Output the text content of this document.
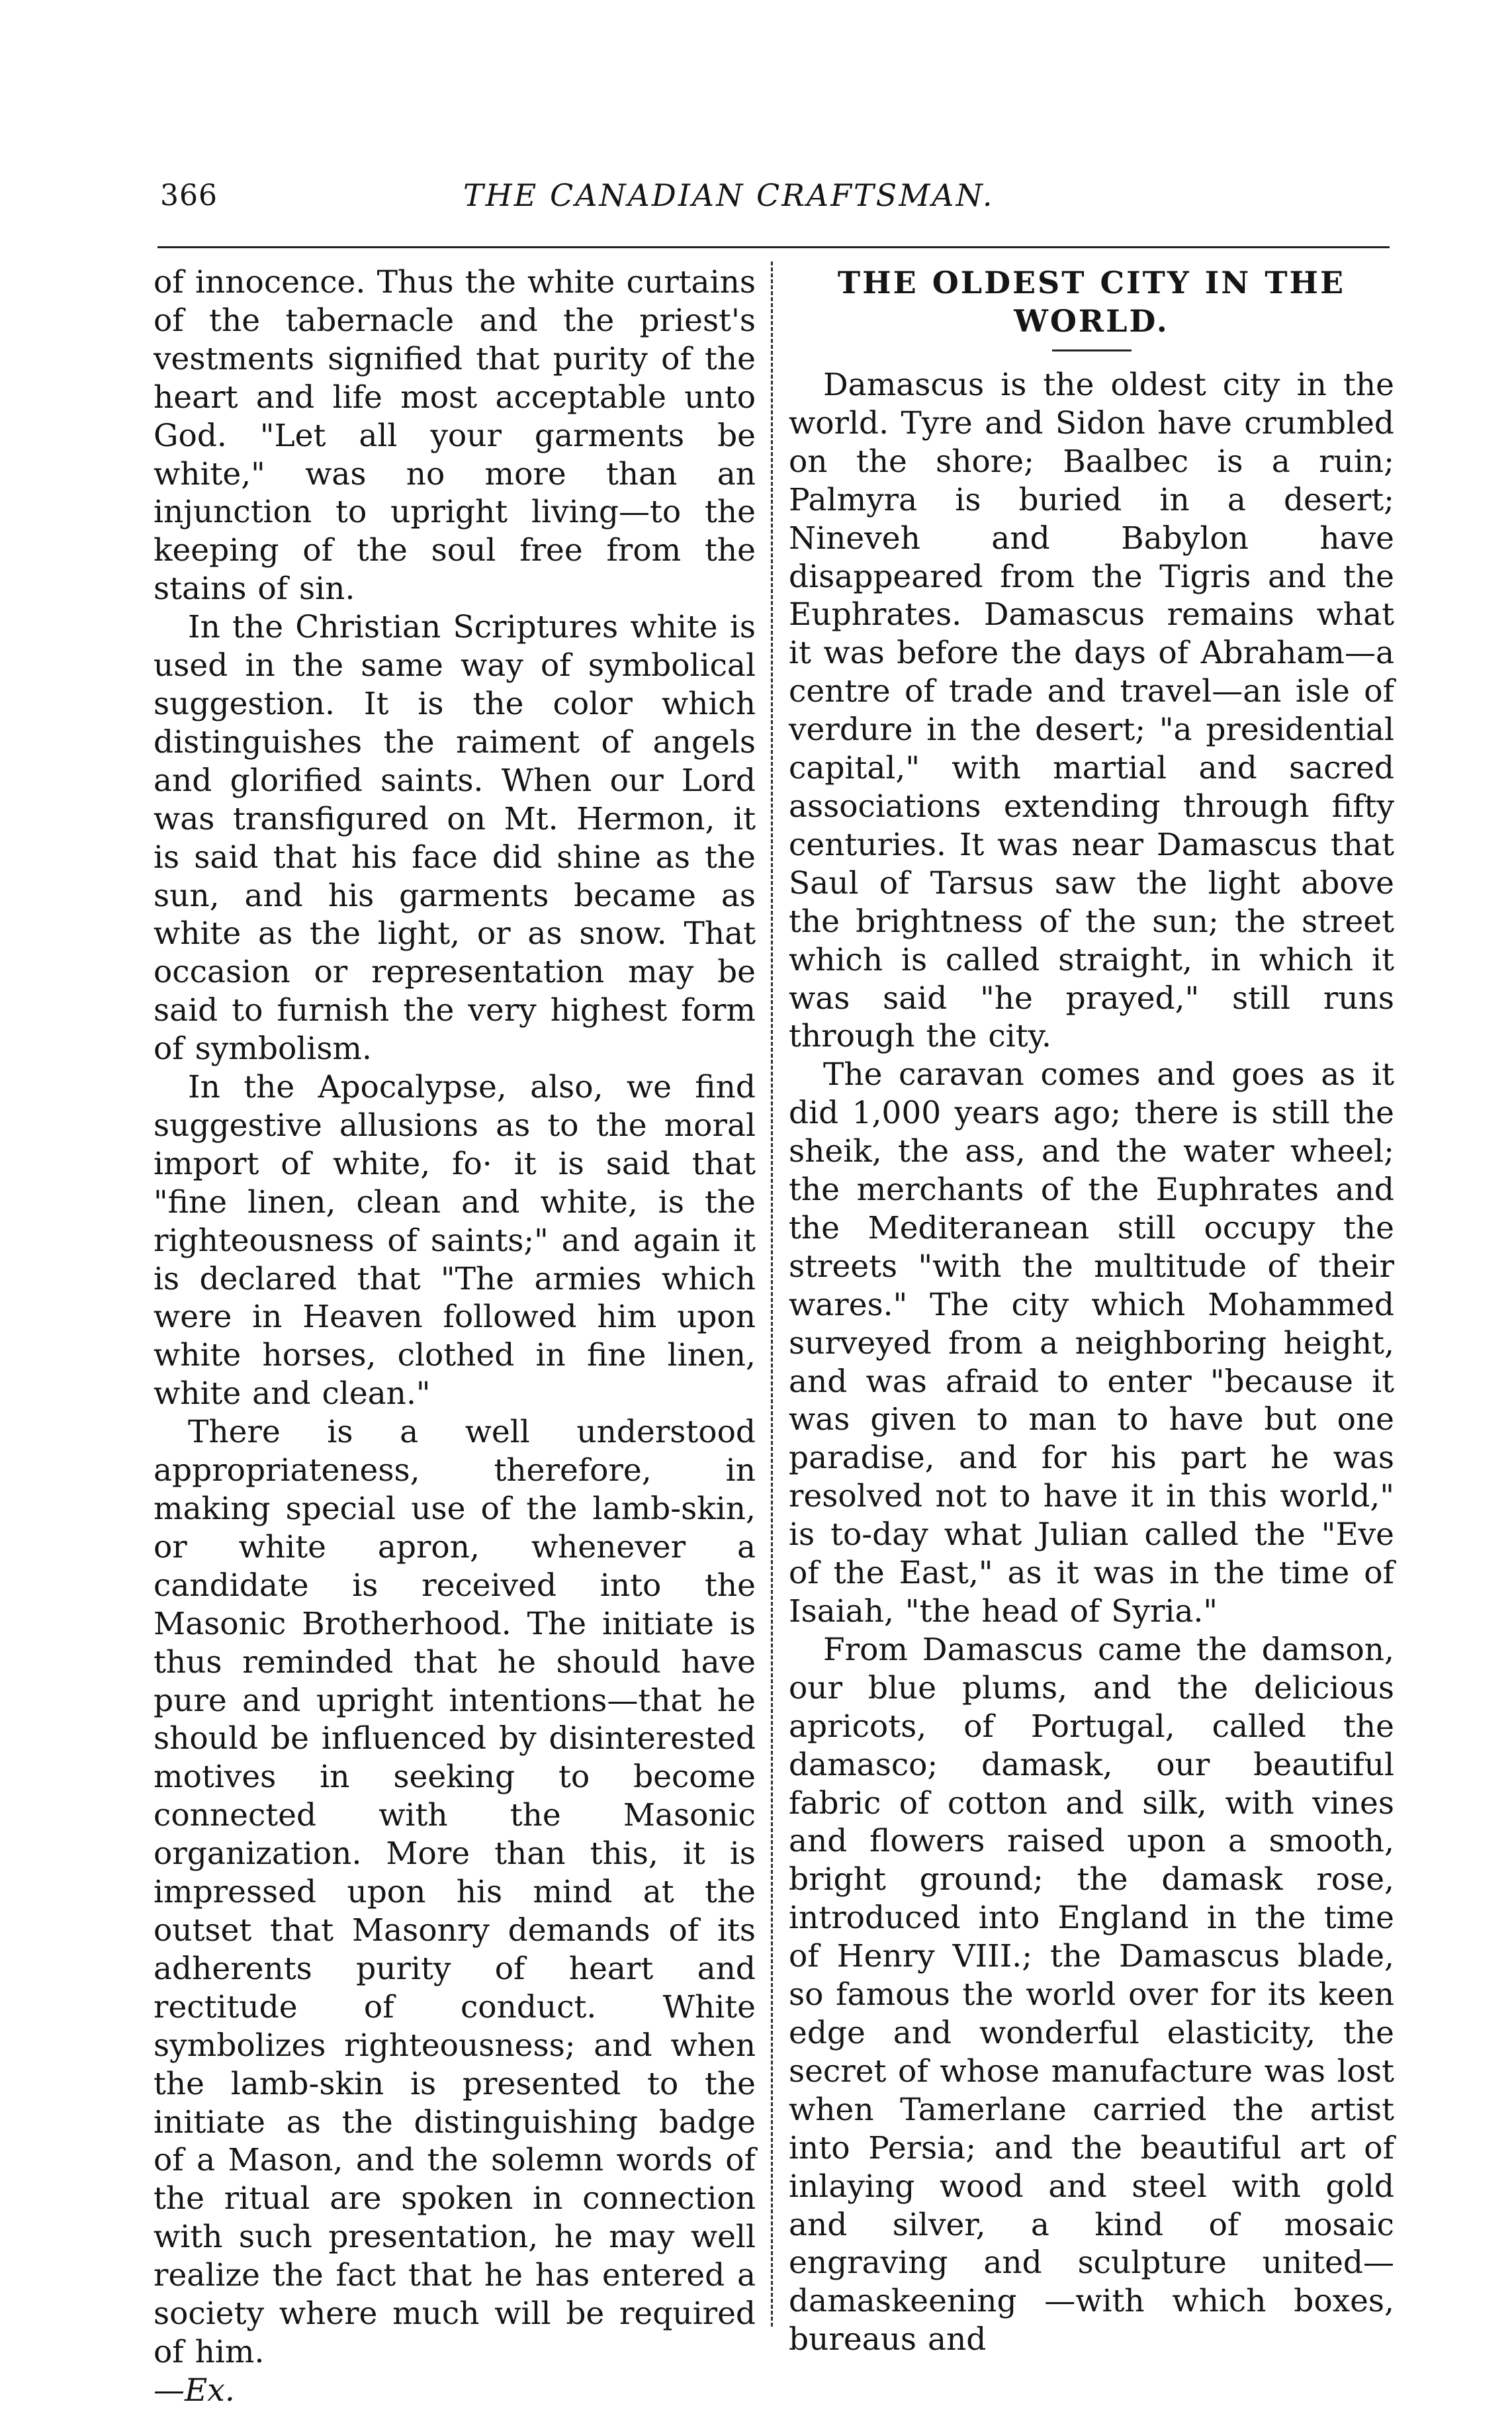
366	THE CANADIAN CRAFTSMAN.

of innocence. Thus the white curtains of the tabernacle and the priest's vestments signified that purity of the heart and life most acceptable unto God. "Let all your garments be white," was no more than an injunction to upright living—to the keeping of the soul free from the stains of sin.

In the Christian Scriptures white is used in the same way of symbolical suggestion. It is the color which distinguishes the raiment of angels and glorified saints. When our Lord was transfigured on Mt. Hermon, it is said that his face did shine as the sun, and his garments became as white as the light, or as snow. That occasion or representation may be said to furnish the very highest form of symbolism.

In the Apocalypse, also, we find suggestive allusions as to the moral import of white, fo· it is said that "fine linen, clean and white, is the righteousness of saints;" and again it is declared that "The armies which were in Heaven followed him upon white horses, clothed in fine linen, white and clean."

There is a well understood appropriateness, therefore, in making special use of the lamb-skin, or white apron, whenever a candidate is received into the Masonic Brotherhood. The initiate is thus reminded that he should have pure and upright intentions—that he should be influenced by disinterested motives in seeking to become connected with the Masonic organization. More than this, it is impressed upon his mind at the outset that Masonry demands of its adherents purity of heart and rectitude of conduct. White symbolizes righteousness; and when the lamb-skin is presented to the initiate as the distinguishing badge of a Mason, and the solemn words of the ritual are spoken in connection with such presentation, he may well realize the fact that he has entered a society where much will be required of him.

—Ex.

THE OLDEST CITY IN THE WORLD.

Damascus is the oldest city in the world. Tyre and Sidon have crumbled on the shore; Baalbec is a ruin; Palmyra is buried in a desert; Nineveh and Babylon have disappeared from the Tigris and the Euphrates. Damascus remains what it was before the days of Abraham—a centre of trade and travel—an isle of verdure in the desert; "a presidential capital," with martial and sacred associations extending through fifty centuries. It was near Damascus that Saul of Tarsus saw the light above the brightness of the sun; the street which is called straight, in which it was said "he prayed," still runs through the city.

The caravan comes and goes as it did 1,000 years ago; there is still the sheik, the ass, and the water wheel; the merchants of the Euphrates and the Mediteranean still occupy the streets "with the multitude of their wares." The city which Mohammed surveyed from a neighboring height, and was afraid to enter "because it was given to man to have but one paradise, and for his part he was resolved not to have it in this world," is to-day what Julian called the "Eve of the East," as it was in the time of Isaiah, "the head of Syria."

From Damascus came the damson, our blue plums, and the delicious apricots, of Portugal, called the damasco; damask, our beautiful fabric of cotton and silk, with vines and flowers raised upon a smooth, bright ground; the damask rose, introduced into England in the time of Henry VIII.; the Damascus blade, so famous the world over for its keen edge and wonderful elasticity, the secret of whose manufacture was lost when Tamerlane carried the artist into Persia; and the beautiful art of inlaying wood and steel with gold and silver, a kind of mosaic engraving and sculpture united—damaskeening —with which boxes, bureaus and
